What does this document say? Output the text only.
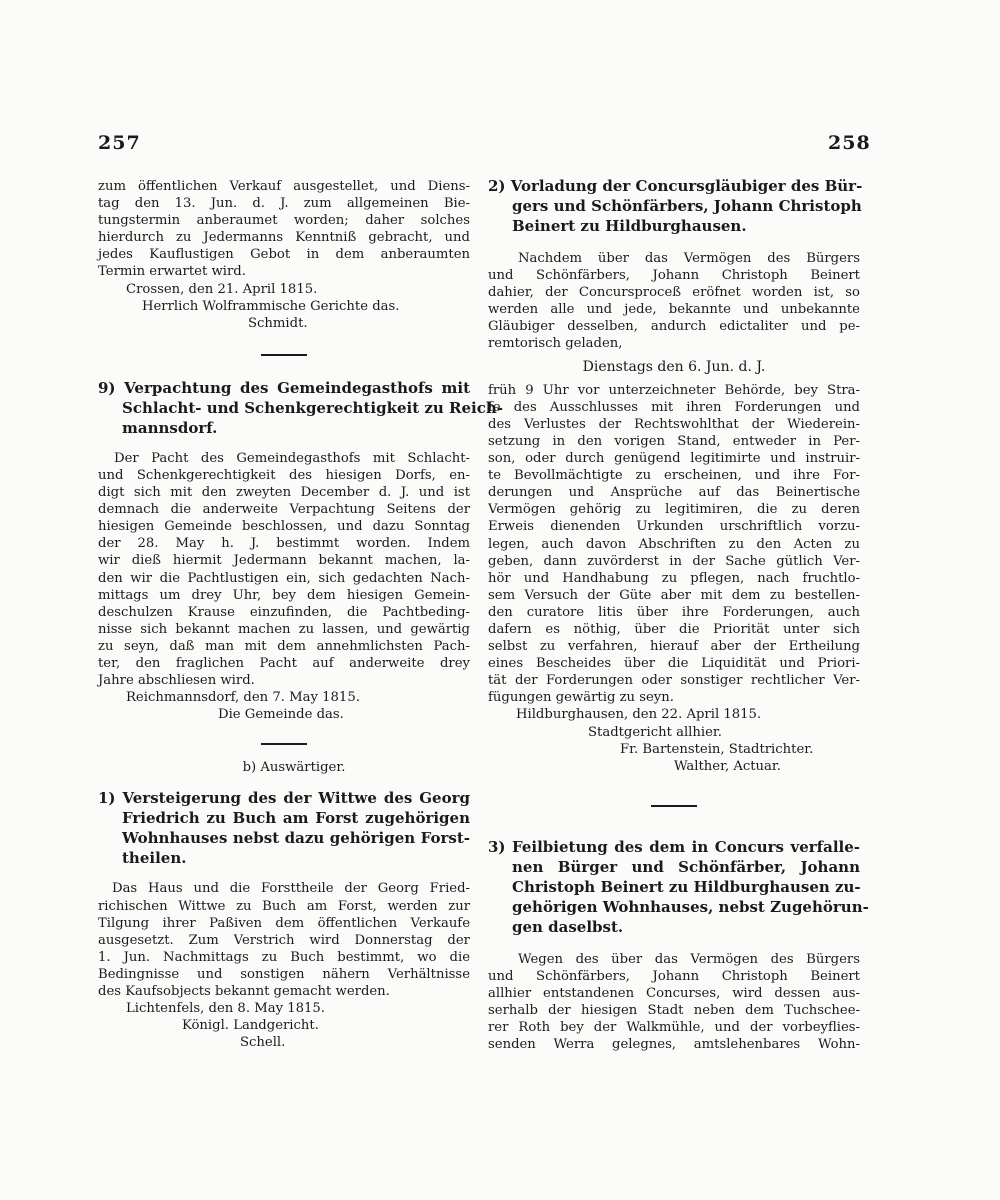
257	258
zum öffentlichen Verkauf ausgestellet, und Diens-
tag den 13. Jun. d. J. zum allgemeinen Bie-
tungstermin anberaumet worden; daher solches
hierdurch zu Jedermanns Kenntniß gebracht, und
jedes Kauflustigen Gebot in dem anberaumten
Termin erwartet wird.
Crossen, den 21. April 1815.
Herrlich Wolframmische Gerichte das.
Schmidt.
9) Verpachtung des Gemeindegasthofs mit
Schlacht- und Schenkgerechtigkeit zu Reich-
mannsdorf.
Der Pacht des Gemeindegasthofs mit Schlacht-
und Schenkgerechtigkeit des hiesigen Dorfs, en-
digt sich mit den zweyten December d. J. und ist
demnach die anderweite Verpachtung Seitens der
hiesigen Gemeinde beschlossen, und dazu Sonntag
der 28. May h. J. bestimmt worden. Indem
wir dieß hiermit Jedermann bekannt machen, la-
den wir die Pachtlustigen ein, sich gedachten Nach-
mittags um drey Uhr, bey dem hiesigen Gemein-
deschulzen Krause einzufinden, die Pachtbeding-
nisse sich bekannt machen zu lassen, und gewärtig
zu seyn, daß man mit dem annehmlichsten Pach-
ter, den fraglichen Pacht auf anderweite drey
Jahre abschliesen wird.
Reichmannsdorf, den 7. May 1815.
Die Gemeinde das.
b) Auswärtiger.
1) Versteigerung des der Wittwe des Georg
Friedrich zu Buch am Forst zugehörigen
Wohnhauses nebst dazu gehörigen Forst-
theilen.
Das Haus und die Forsttheile der Georg Fried-
richischen Wittwe zu Buch am Forst, werden zur
Tilgung ihrer Paßiven dem öffentlichen Verkaufe
ausgesetzt. Zum Verstrich wird Donnerstag der
1. Jun. Nachmittags zu Buch bestimmt, wo die
Bedingnisse und sonstigen nähern Verhältnisse
des Kaufsobjects bekannt gemacht werden.
Lichtenfels, den 8. May 1815.
Königl. Landgericht.
Schell.
2) Vorladung der Concursgläubiger des Bür-
gers und Schönfärbers, Johann Christoph
Beinert zu Hildburghausen.
Nachdem über das Vermögen des Bürgers
und Schönfärbers, Johann Christoph Beinert
dahier, der Concursproceß eröfnet worden ist, so
werden alle und jede, bekannte und unbekannte
Gläubiger desselben, andurch edictaliter und pe-
remtorisch geladen,
Dienstags den 6. Jun. d. J.
früh 9 Uhr vor unterzeichneter Behörde, bey Stra-
fe des Ausschlusses mit ihren Forderungen und
des Verlustes der Rechtswohlthat der Wiederein-
setzung in den vorigen Stand, entweder in Per-
son, oder durch genügend legitimirte und instruir-
te Bevollmächtigte zu erscheinen, und ihre For-
derungen und Ansprüche auf das Beinertische
Vermögen gehörig zu legitimiren, die zu deren
Erweis dienenden Urkunden urschriftlich vorzu-
legen, auch davon Abschriften zu den Acten zu
geben, dann zuvörderst in der Sache gütlich Ver-
hör und Handhabung zu pflegen, nach fruchtlo-
sem Versuch der Güte aber mit dem zu bestellen-
den curatore litis über ihre Forderungen, auch
dafern es nöthig, über die Priorität unter sich
selbst zu verfahren, hierauf aber der Ertheilung
eines Bescheides über die Liquidität und Priori-
tät der Forderungen oder sonstiger rechtlicher Ver-
fügungen gewärtig zu seyn.
Hildburghausen, den 22. April 1815.
Stadtgericht allhier.
Fr. Bartenstein, Stadtrichter.
Walther, Actuar.
3) Feilbietung des dem in Concurs verfalle-
nen Bürger und Schönfärber, Johann
Christoph Beinert zu Hildburghausen zu-
gehörigen Wohnhauses, nebst Zugehörun-
gen daselbst.
Wegen des über das Vermögen des Bürgers
und Schönfärbers, Johann Christoph Beinert
allhier entstandenen Concurses, wird dessen aus-
serhalb der hiesigen Stadt neben dem Tuchschee-
rer Roth bey der Walkmühle, und der vorbeyflies-
senden Werra gelegnes, amtslehenbares Wohn-
